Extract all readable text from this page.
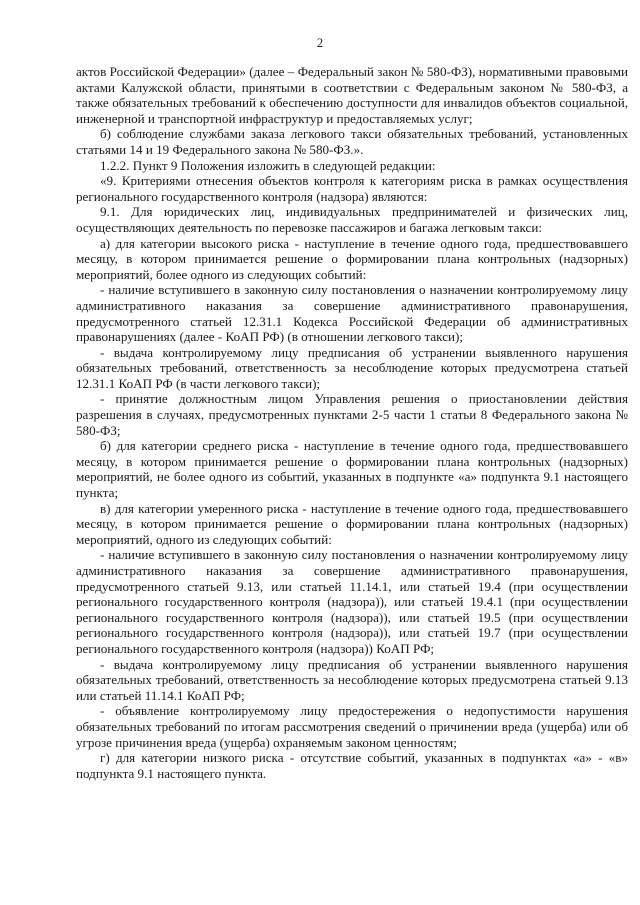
2

актов Российской Федерации» (далее – Федеральный закон № 580-ФЗ), нормативными правовыми актами Калужской области, принятыми в соответствии с Федеральным законом № 580-ФЗ, а также обязательных требований к обеспечению доступности для инвалидов объектов социальной, инженерной и транспортной инфраструктур и предоставляемых услуг;

б) соблюдение службами заказа легкового такси обязательных требований, установленных статьями 14 и 19 Федерального закона № 580-ФЗ.».

1.2.2. Пункт 9 Положения изложить в следующей редакции:

«9. Критериями отнесения объектов контроля к категориям риска в рамках осуществления регионального государственного контроля (надзора) являются:

9.1. Для юридических лиц, индивидуальных предпринимателей и физических лиц, осуществляющих деятельность по перевозке пассажиров и багажа легковым такси:

а) для категории высокого риска - наступление в течение одного года, предшествовавшего месяцу, в котором принимается решение о формировании плана контрольных (надзорных) мероприятий, более одного из следующих событий:

- наличие вступившего в законную силу постановления о назначении контролируемому лицу административного наказания за совершение административного правонарушения, предусмотренного статьей 12.31.1 Кодекса Российской Федерации об административных правонарушениях (далее - КоАП РФ) (в отношении легкового такси);

- выдача контролируемому лицу предписания об устранении выявленного нарушения обязательных требований, ответственность за несоблюдение которых предусмотрена статьей 12.31.1 КоАП РФ (в части легкового такси);

- принятие должностным лицом Управления решения о приостановлении действия разрешения в случаях, предусмотренных пунктами 2-5 части 1 статьи 8 Федерального закона № 580-ФЗ;

б) для категории среднего риска - наступление в течение одного года, предшествовавшего месяцу, в котором принимается решение о формировании плана контрольных (надзорных) мероприятий, не более одного из событий, указанных в подпункте «а» подпункта 9.1 настоящего пункта;

в) для категории умеренного риска - наступление в течение одного года, предшествовавшего месяцу, в котором принимается решение о формировании плана контрольных (надзорных) мероприятий, одного из следующих событий:

- наличие вступившего в законную силу постановления о назначении контролируемому лицу административного наказания за совершение административного правонарушения, предусмотренного статьей 9.13, или статьей 11.14.1, или статьей 19.4 (при осуществлении регионального государственного контроля (надзора)), или статьей 19.4.1 (при осуществлении регионального государственного контроля (надзора)), или статьей 19.5 (при осуществлении регионального государственного контроля (надзора)), или статьей 19.7 (при осуществлении регионального государственного контроля (надзора)) КоАП РФ;

- выдача контролируемому лицу предписания об устранении выявленного нарушения обязательных требований, ответственность за несоблюдение которых предусмотрена статьей 9.13 или статьей 11.14.1 КоАП РФ;

- объявление контролируемому лицу предостережения о недопустимости нарушения обязательных требований по итогам рассмотрения сведений о причинении вреда (ущерба) или об угрозе причинения вреда (ущерба) охраняемым законом ценностям;

г) для категории низкого риска - отсутствие событий, указанных в подпунктах «а» - «в» подпункта 9.1 настоящего пункта.
